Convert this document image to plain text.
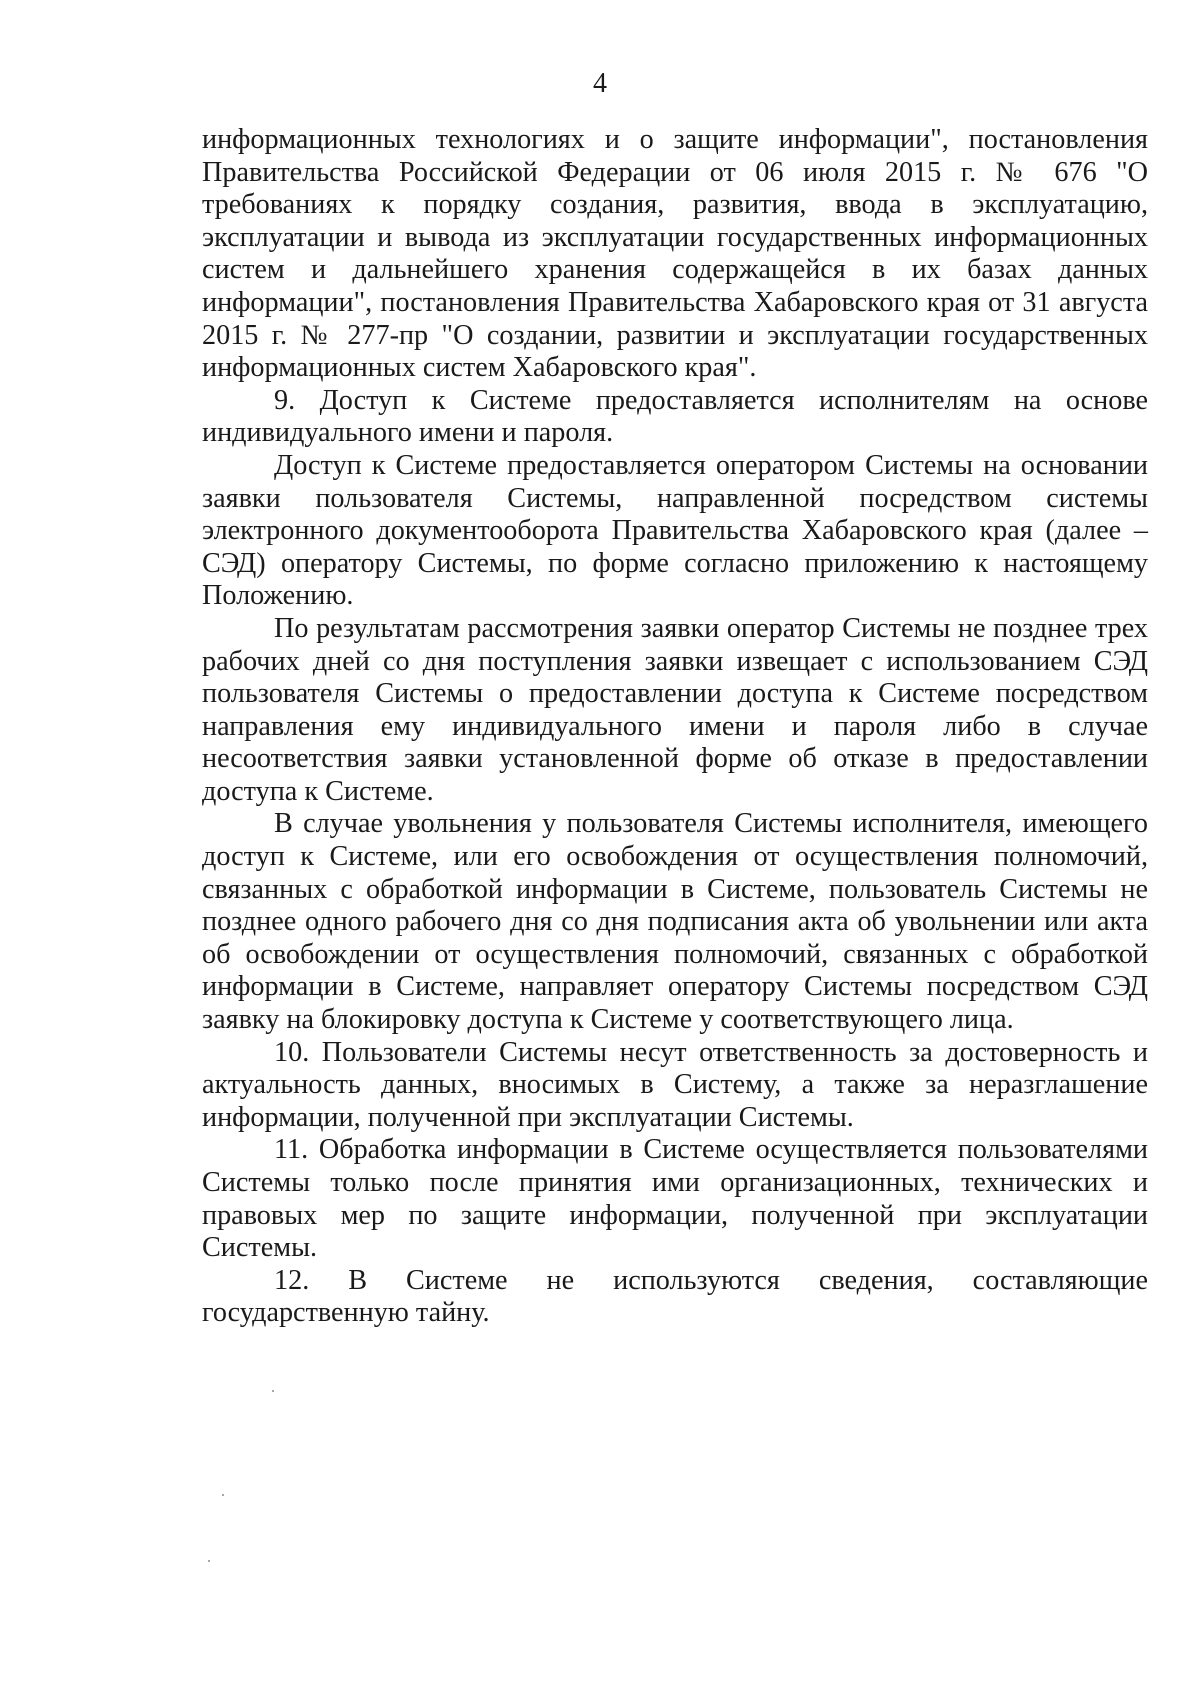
4

информационных технологиях и о защите информации", постановления Правительства Российской Федерации от 06 июля 2015 г. № 676 "О требованиях к порядку создания, развития, ввода в эксплуатацию, эксплуатации и вывода из эксплуатации государственных информационных систем и дальнейшего хранения содержащейся в их базах данных информации", постановления Правительства Хабаровского края от 31 августа 2015 г. № 277-пр "О создании, развитии и эксплуатации государственных информационных систем Хабаровского края".

9. Доступ к Системе предоставляется исполнителям на основе индивидуального имени и пароля.

Доступ к Системе предоставляется оператором Системы на основании заявки пользователя Системы, направленной посредством системы электронного документооборота Правительства Хабаровского края (далее – СЭД) оператору Системы, по форме согласно приложению к настоящему Положению.

По результатам рассмотрения заявки оператор Системы не позднее трех рабочих дней со дня поступления заявки извещает с использованием СЭД пользователя Системы о предоставлении доступа к Системе посредством направления ему индивидуального имени и пароля либо в случае несоответствия заявки установленной форме об отказе в предоставлении доступа к Системе.

В случае увольнения у пользователя Системы исполнителя, имеющего доступ к Системе, или его освобождения от осуществления полномочий, связанных с обработкой информации в Системе, пользователь Системы не позднее одного рабочего дня со дня подписания акта об увольнении или акта об освобождении от осуществления полномочий, связанных с обработкой информации в Системе, направляет оператору Системы посредством СЭД заявку на блокировку доступа к Системе у соответствующего лица.

10. Пользователи Системы несут ответственность за достоверность и актуальность данных, вносимых в Систему, а также за неразглашение информации, полученной при эксплуатации Системы.

11. Обработка информации в Системе осуществляется пользователями Системы только после принятия ими организационных, технических и правовых мер по защите информации, полученной при эксплуатации Системы.

12. В Системе не используются сведения, составляющие государственную тайну.
